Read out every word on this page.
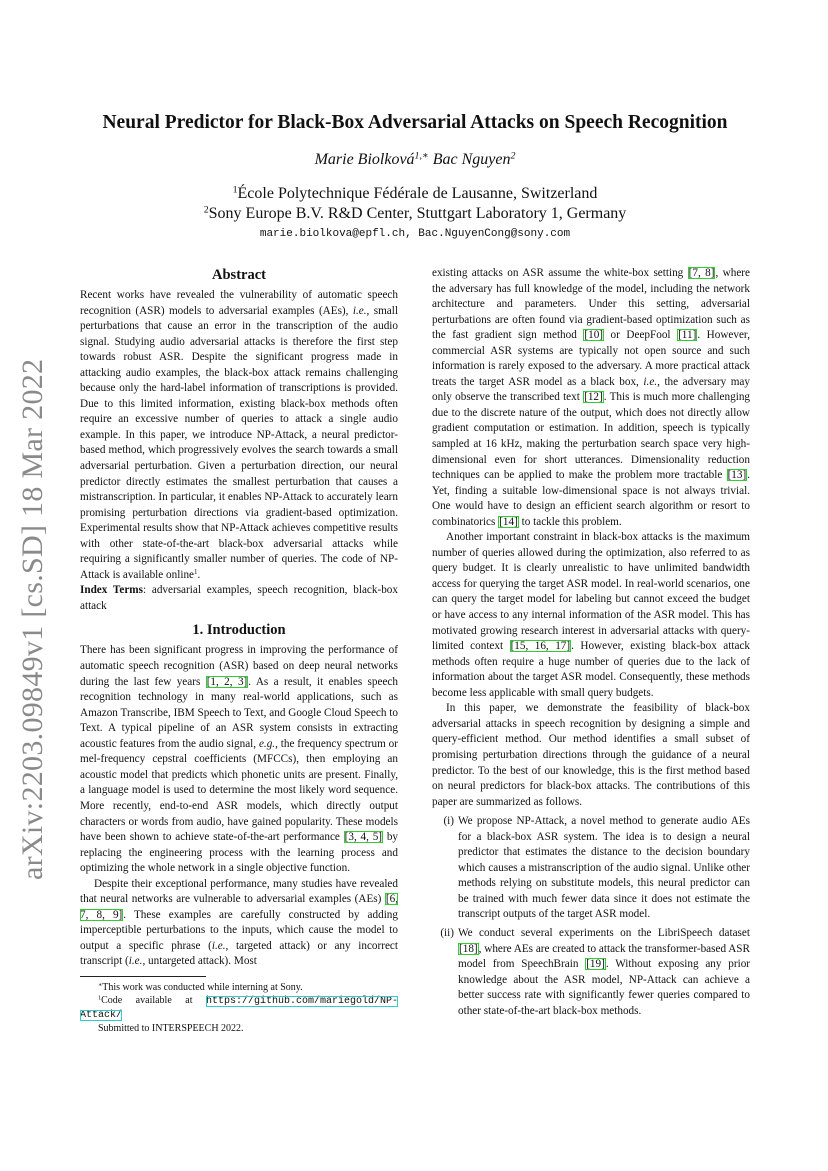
arXiv:2203.09849v1 [cs.SD] 18 Mar 2022
Neural Predictor for Black-Box Adversarial Attacks on Speech Recognition
Marie Biolková$^{1,∗}$ Bac Nguyen$^2$
$^1$École Polytechnique Fédérale de Lausanne, Switzerland
$^2$Sony Europe B.V. R&D Center, Stuttgart Laboratory 1, Germany
marie.biolkova@epfl.ch, Bac.NguyenCong@sony.com
Abstract

Recent works have revealed the vulnerability of automatic speech recognition (ASR) models to adversarial examples (AEs), i.e., small perturbations that cause an error in the transcription of the audio signal. Studying audio adversarial attacks is therefore the first step towards robust ASR. Despite the significant progress made in attacking audio examples, the black-box attack remains challenging because only the hard-label information of transcriptions is provided. Due to this limited information, existing black-box methods often require an excessive number of queries to attack a single audio example. In this paper, we introduce NP-Attack, a neural predictor-based method, which progressively evolves the search towards a small adversarial perturbation. Given a perturbation direction, our neural predictor directly estimates the smallest perturbation that causes a mistranscription. In particular, it enables NP-Attack to accurately learn promising perturbation directions via gradient-based optimization. Experimental results show that NP-Attack achieves competitive results with other state-of-the-art black-box adversarial attacks while requiring a significantly smaller number of queries. The code of NP-Attack is available online$^1$.

Index Terms: adversarial examples, speech recognition, black-box attack

1. Introduction

There has been significant progress in improving the performance of automatic speech recognition (ASR) based on deep neural networks during the last few years [1, 2, 3]. As a result, it enables speech recognition technology in many real-world applications, such as Amazon Transcribe, IBM Speech to Text, and Google Cloud Speech to Text. A typical pipeline of an ASR system consists in extracting acoustic features from the audio signal, e.g., the frequency spectrum or mel-frequency cepstral coefficients (MFCCs), then employing an acoustic model that predicts which phonetic units are present. Finally, a language model is used to determine the most likely word sequence. More recently, end-to-end ASR models, which directly output characters or words from audio, have gained popularity. These models have been shown to achieve state-of-the-art performance [3, 4, 5] by replacing the engineering process with the learning process and optimizing the whole network in a single objective function.

Despite their exceptional performance, many studies have revealed that neural networks are vulnerable to adversarial examples (AEs) [6, 7, 8, 9]. These examples are carefully constructed by adding imperceptible perturbations to the inputs, which cause the model to output a specific phrase (i.e., targeted attack) or any incorrect transcript (i.e., untargeted attack). Most

∗This work was conducted while interning at Sony.

$^1$Code available at https://github.com/mariegold/NP-Attack/

Submitted to INTERSPEECH 2022.

existing attacks on ASR assume the white-box setting [7, 8], where the adversary has full knowledge of the model, including the network architecture and parameters. Under this setting, adversarial perturbations are often found via gradient-based optimization such as the fast gradient sign method [10] or DeepFool [11]. However, commercial ASR systems are typically not open source and such information is rarely exposed to the adversary. A more practical attack treats the target ASR model as a black box, i.e., the adversary may only observe the transcribed text [12]. This is much more challenging due to the discrete nature of the output, which does not directly allow gradient computation or estimation. In addition, speech is typically sampled at 16 kHz, making the perturbation search space very high-dimensional even for short utterances. Dimensionality reduction techniques can be applied to make the problem more tractable [13]. Yet, finding a suitable low-dimensional space is not always trivial. One would have to design an efficient search algorithm or resort to combinatorics [14] to tackle this problem.

Another important constraint in black-box attacks is the maximum number of queries allowed during the optimization, also referred to as query budget. It is clearly unrealistic to have unlimited bandwidth access for querying the target ASR model. In real-world scenarios, one can query the target model for labeling but cannot exceed the budget or have access to any internal information of the ASR model. This has motivated growing research interest in adversarial attacks with query-limited context [15, 16, 17]. However, existing black-box attack methods often require a huge number of queries due to the lack of information about the target ASR model. Consequently, these methods become less applicable with small query budgets.

In this paper, we demonstrate the feasibility of black-box adversarial attacks in speech recognition by designing a simple and query-efficient method. Our method identifies a small subset of promising perturbation directions through the guidance of a neural predictor. To the best of our knowledge, this is the first method based on neural predictors for black-box attacks. The contributions of this paper are summarized as follows.

(i) We propose NP-Attack, a novel method to generate audio AEs for a black-box ASR system. The idea is to design a neural predictor that estimates the distance to the decision boundary which causes a mistranscription of the audio signal. Unlike other methods relying on substitute models, this neural predictor can be trained with much fewer data since it does not estimate the transcript outputs of the target ASR model.
(ii) We conduct several experiments on the LibriSpeech dataset [18], where AEs are created to attack the transformer-based ASR model from SpeechBrain [19]. Without exposing any prior knowledge about the ASR model, NP-Attack can achieve a better success rate with significantly fewer queries compared to other state-of-the-art black-box methods.
